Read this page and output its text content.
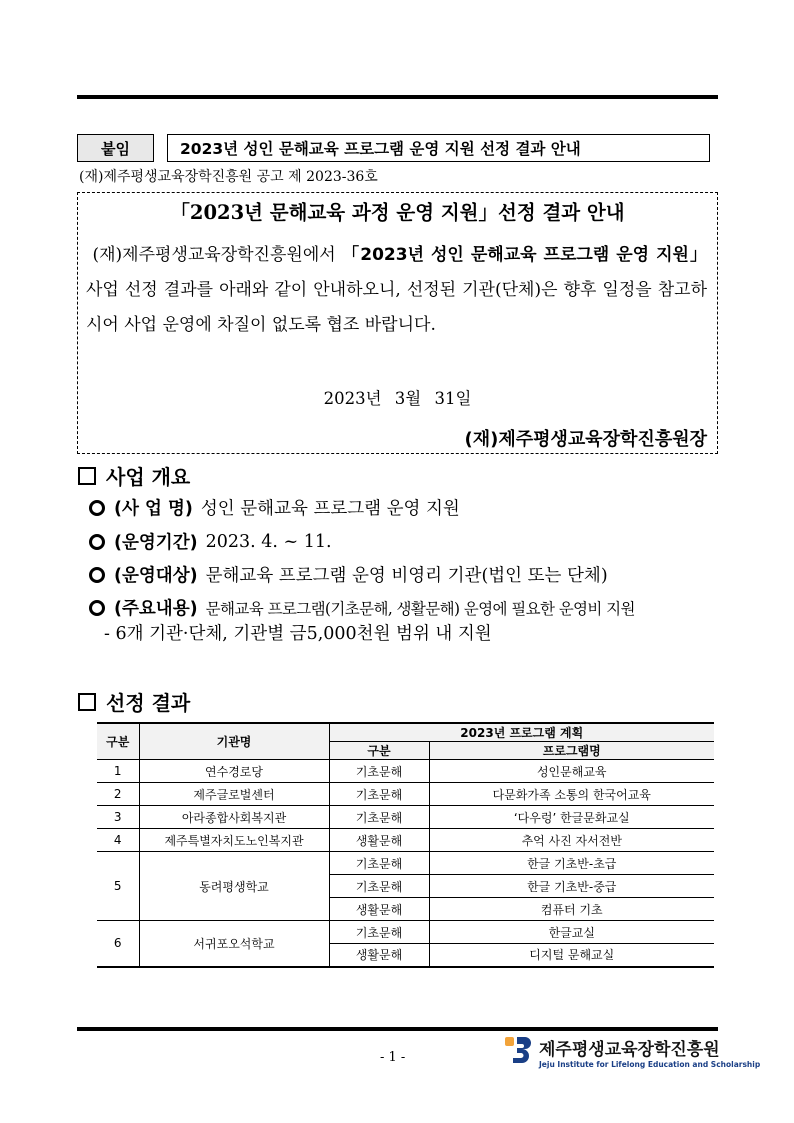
붙임	2023년 성인 문해교육 프로그램 운영 지원 선정 결과 안내
(재)제주평생교육장학진흥원 공고 제 2023-36호
「2023년 문해교육 과정 운영 지원」선정 결과 안내
(재)제주평생교육장학진흥원에서 「2023년 성인 문해교육 프로그램 운영 지원」사업 선정 결과를 아래와 같이 안내하오니, 선정된 기관(단체)은 향후 일정을 참고하시어 사업 운영에 차질이 없도록 협조 바랍니다.
2023년 3월 31일
(재)제주평생교육장학진흥원장
사업 개요
(사 업 명) 성인 문해교육 프로그램 운영 지원
(운영기간) 2023. 4. ~ 11.
(운영대상) 문해교육 프로그램 운영 비영리 기관(법인 또는 단체)
(주요내용) 문해교육 프로그램(기초문해, 생활문해) 운영에 필요한 운영비 지원
- 6개 기관·단체, 기관별 금5,000천원 범위 내 지원
선정 결과
구분	기관명	2023년 프로그램 계획	
		구분	프로그램명
1	연수경로당	기초문해	성인문해교육
2	제주글로벌센터	기초문해	다문화가족 소통의 한국어교육
3	아라종합사회복지관	기초문해	‘다우렁’ 한글문화교실
4	제주특별자치도노인복지관	생활문해	추억 사진 자서전반
5	동려평생학교	기초문해	한글 기초반-초급
		기초문해	한글 기초반-중급
		생활문해	컴퓨터 기초
6	서귀포오석학교	기초문해	한글교실
		생활문해	디지털 문해교실
- 1 -	제주평생교육장학진흥원
Jeju Institute for Lifelong Education and Scholarship
